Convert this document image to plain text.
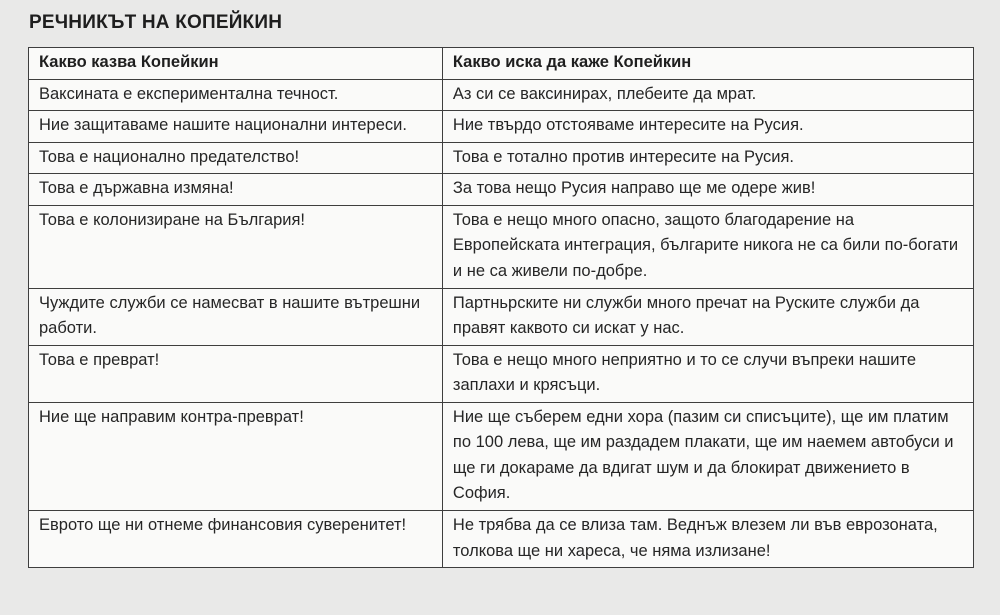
РЕЧНИКЪТ НА КОПЕЙКИН
Какво казва Копейкин	Какво иска да каже Копейкин
Ваксината е експериментална течност.	Аз си се ваксинирах, плебеите да мрат.
Ние защитаваме нашите национални интереси.	Ние твърдо отстояваме интересите на Русия.
Това е национално предателство!	Това е тотално против интересите на Русия.
Това е държавна измяна!	За това нещо Русия направо ще ме одере жив!
Това е колонизиране на България!	Това е нещо много опасно, защото благодарение на Европейската интеграция, българите никога не са били по-богати и не са живели по-добре.
Чуждите служби се намесват в нашите вътрешни работи.	Партньрските ни служби много пречат на Руските служби да правят каквото си искат у нас.
Това е преврат!	Това е нещо много неприятно и то се случи въпреки нашите заплахи и крясъци.
Ние ще направим контра-преврат!	Ние ще съберем едни хора (пазим си списъците), ще им платим по 100 лева, ще им раздадем плакати, ще им наемем автобуси и ще ги докараме да вдигат шум и да блокират движението в София.
Еврото ще ни отнеме финансовия суверенитет!	Не трябва да се влиза там. Веднъж влезем ли във еврозоната, толкова ще ни хареса, че няма излизане!
